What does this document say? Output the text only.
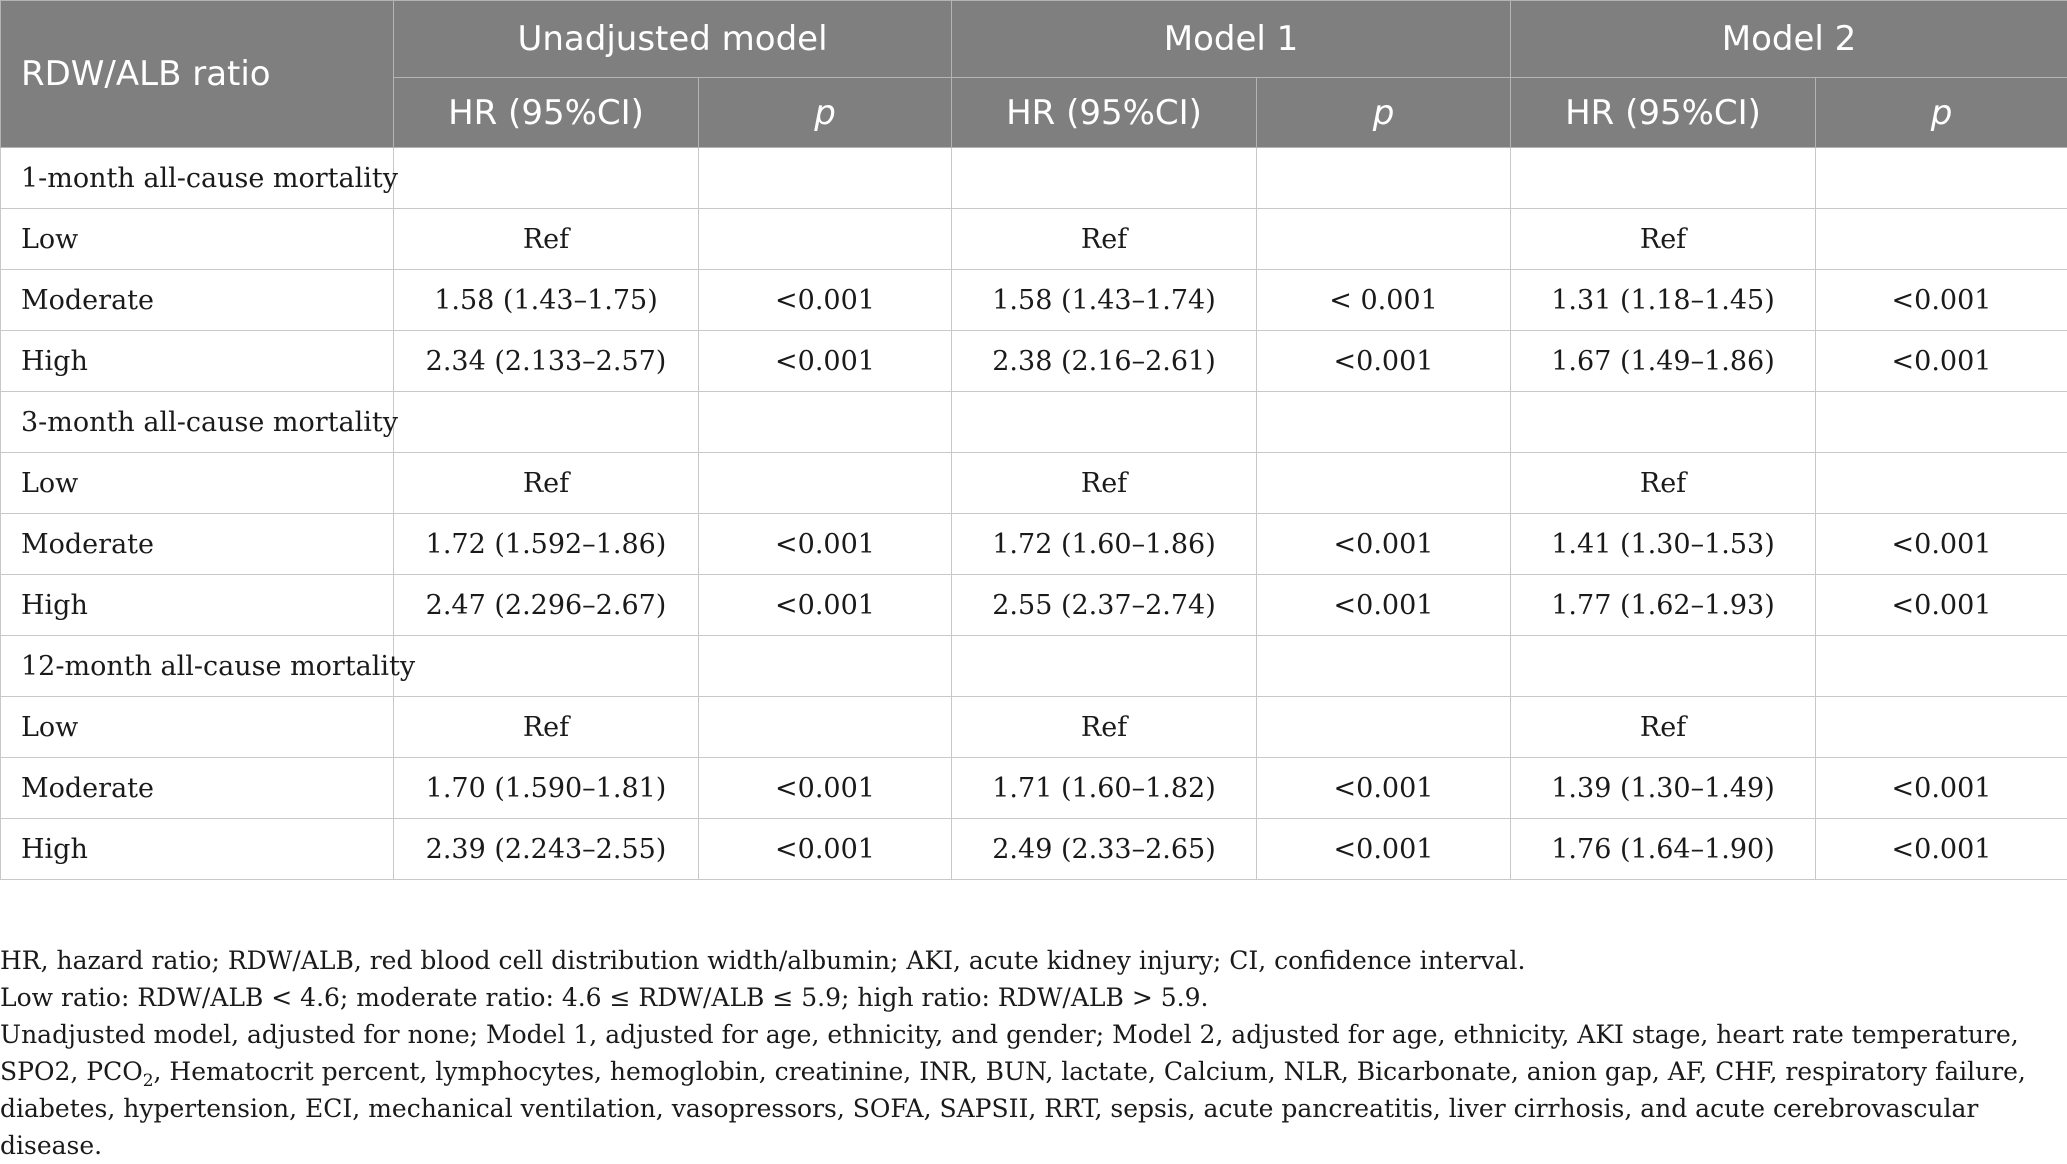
RDW/ALB ratio	Unadjusted model		Model 1		Model 2	
	HR (95%CI)	p	HR (95%CI)	p	HR (95%CI)	p
1-month all-cause mortality						
Low	Ref		Ref		Ref	
Moderate	1.58 (1.43–1.75)	<0.001	1.58 (1.43–1.74)	< 0.001	1.31 (1.18–1.45)	<0.001
High	2.34 (2.133–2.57)	<0.001	2.38 (2.16–2.61)	<0.001	1.67 (1.49–1.86)	<0.001
3-month all-cause mortality						
Low	Ref		Ref		Ref	
Moderate	1.72 (1.592–1.86)	<0.001	1.72 (1.60–1.86)	<0.001	1.41 (1.30–1.53)	<0.001
High	2.47 (2.296–2.67)	<0.001	2.55 (2.37–2.74)	<0.001	1.77 (1.62–1.93)	<0.001
12-month all-cause mortality						
Low	Ref		Ref		Ref	
Moderate	1.70 (1.590–1.81)	<0.001	1.71 (1.60–1.82)	<0.001	1.39 (1.30–1.49)	<0.001
High	2.39 (2.243–2.55)	<0.001	2.49 (2.33–2.65)	<0.001	1.76 (1.64–1.90)	<0.001

HR, hazard ratio; RDW/ALB, red blood cell distribution width/albumin; AKI, acute kidney injury; CI, confidence interval.

Low ratio: RDW/ALB < 4.6; moderate ratio: 4.6 ≤ RDW/ALB ≤ 5.9; high ratio: RDW/ALB > 5.9.

Unadjusted model, adjusted for none; Model 1, adjusted for age, ethnicity, and gender; Model 2, adjusted for age, ethnicity, AKI stage, heart rate temperature, SPO2, $PCO_2$, Hematocrit percent, lymphocytes, hemoglobin, creatinine, INR, BUN, lactate, Calcium, NLR, Bicarbonate, anion gap, AF, CHF, respiratory failure, diabetes, hypertension, ECI, mechanical ventilation, vasopressors, SOFA, SAPSII, RRT, sepsis, acute pancreatitis, liver cirrhosis, and acute cerebrovascular disease.
